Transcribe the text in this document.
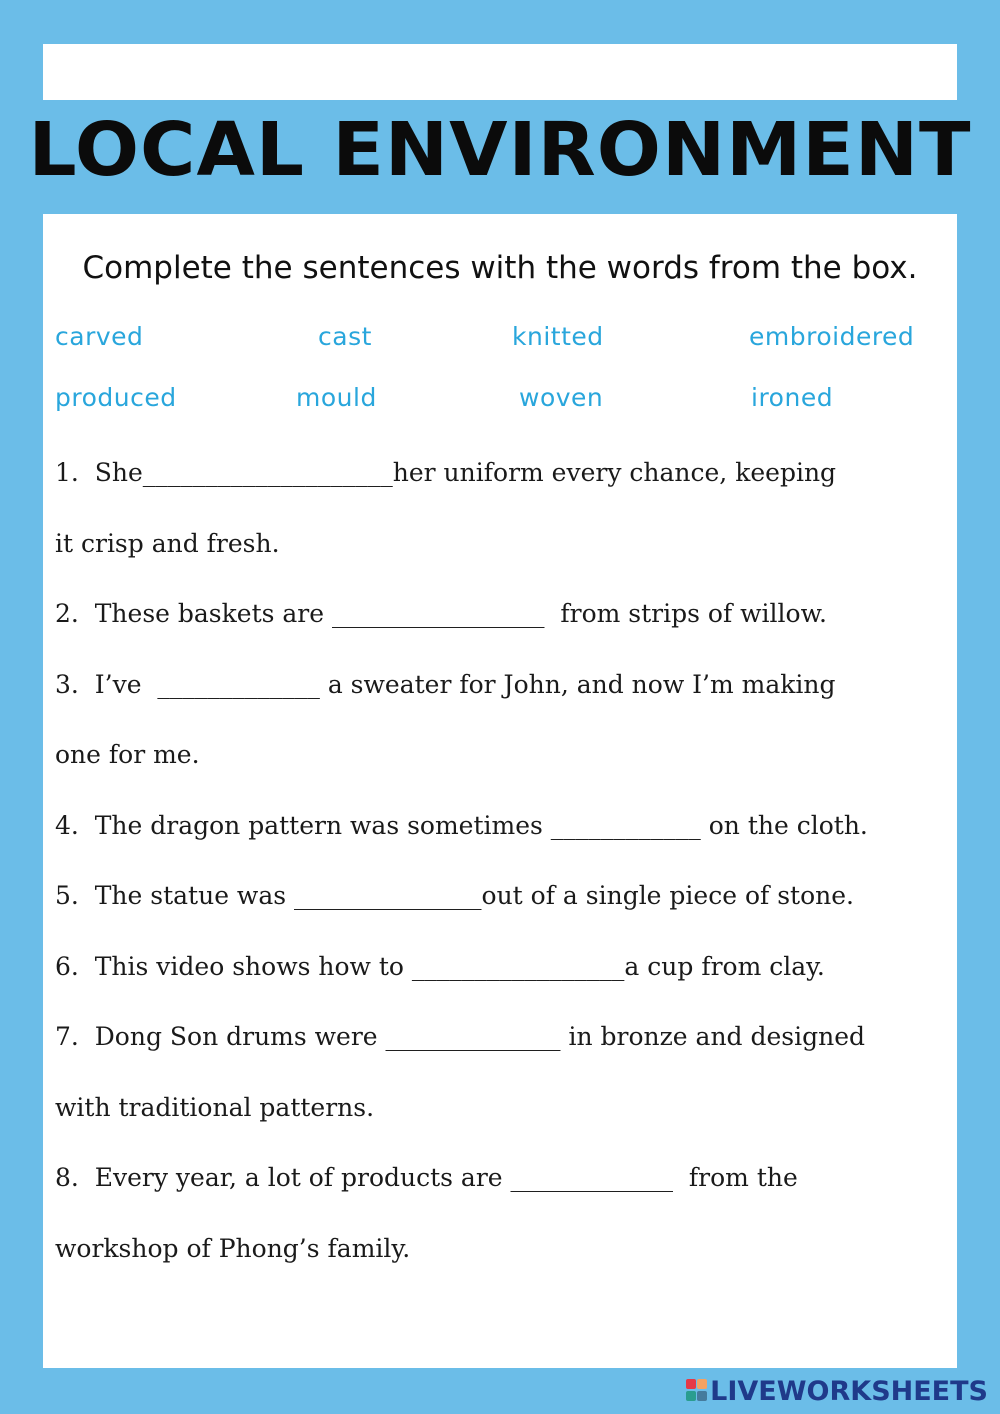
LOCAL ENVIRONMENT
Complete the sentences with the words from the box.
carved	cast	knitted	embroidered
produced	mould	woven	ironed
1.  She____________________her uniform every chance, keeping
it crisp and fresh.
2.  These baskets are _________________  from strips of willow.
3.  I’ve  _____________ a sweater for John, and now I’m making
one for me.
4.  The dragon pattern was sometimes ____________ on the cloth.
5.  The statue was _______________out of a single piece of stone.
6.  This video shows how to _________________a cup from clay.
7.  Dong Son drums were ______________ in bronze and designed
with traditional patterns.
8.  Every year, a lot of products are _____________  from the
workshop of Phong’s family.
LIVEWORKSHEETS
